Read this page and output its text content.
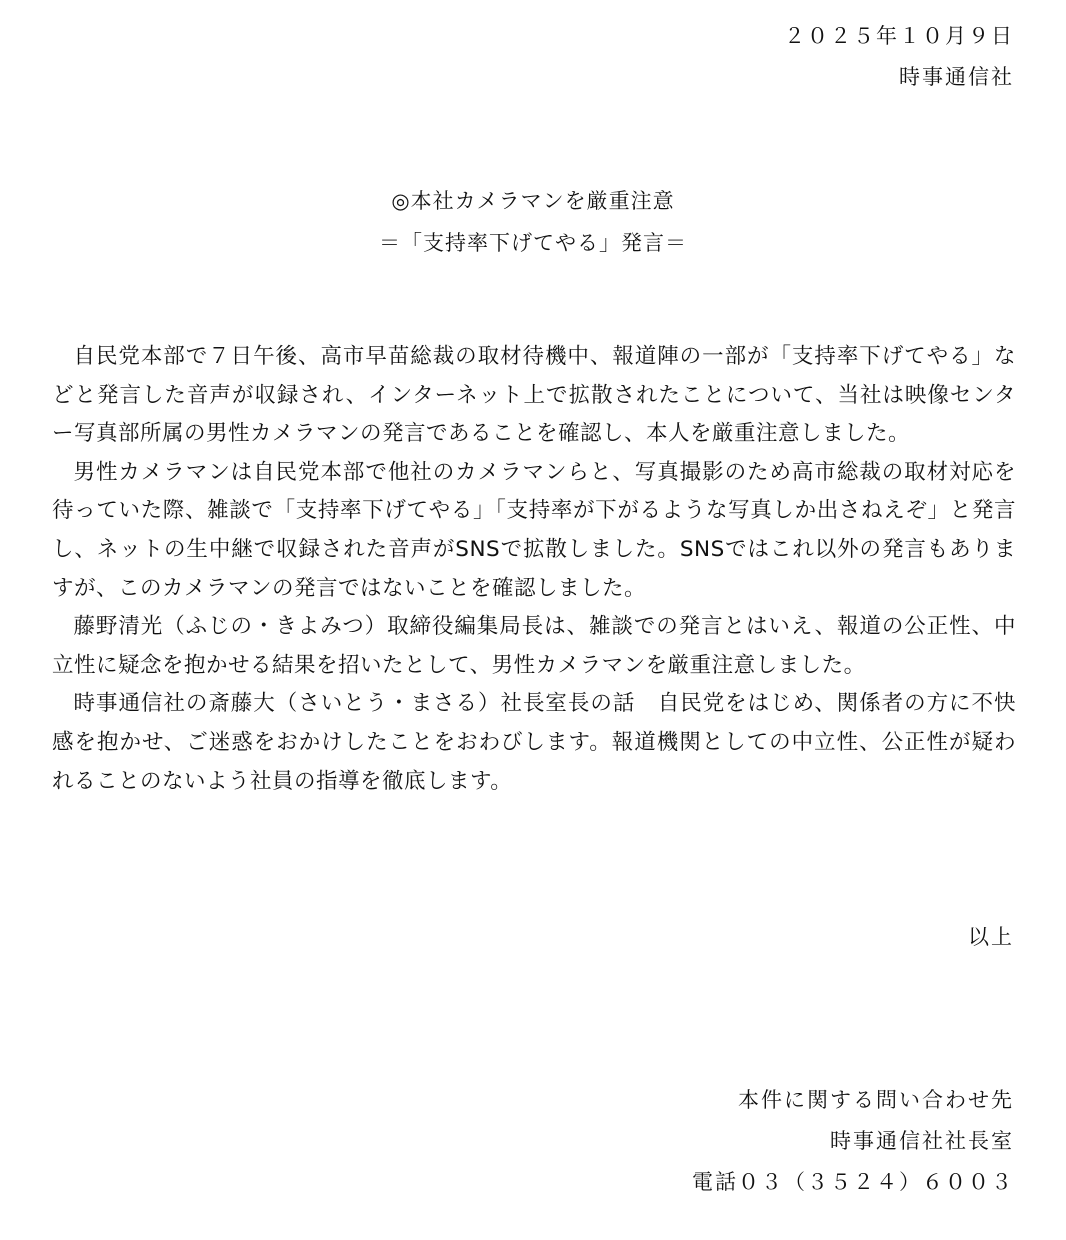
２０２５年１０月９日
時事通信社
◎本社カメラマンを厳重注意
＝「支持率下げてやる」発言＝

自民党本部で７日午後、高市早苗総裁の取材待機中、報道陣の一部が「支持率下げてやる」などと発言した音声が収録され、インターネット上で拡散されたことについて、当社は映像センター写真部所属の男性カメラマンの発言であることを確認し、本人を厳重注意しました。

男性カメラマンは自民党本部で他社のカメラマンらと、写真撮影のため高市総裁の取材対応を待っていた際、雑談で「支持率下げてやる」「支持率が下がるような写真しか出さねえぞ」と発言し、ネットの生中継で収録された音声がSNSで拡散しました。SNSではこれ以外の発言もありますが、このカメラマンの発言ではないことを確認しました。

藤野清光（ふじの・きよみつ）取締役編集局長は、雑談での発言とはいえ、報道の公正性、中立性に疑念を抱かせる結果を招いたとして、男性カメラマンを厳重注意しました。

時事通信社の斎藤大（さいとう・まさる）社長室長の話　自民党をはじめ、関係者の方に不快感を抱かせ、ご迷惑をおかけしたことをおわびします。報道機関としての中立性、公正性が疑われることのないよう社員の指導を徹底します。

以上
本件に関する問い合わせ先
時事通信社社長室
電話０３（３５２４）６００３
